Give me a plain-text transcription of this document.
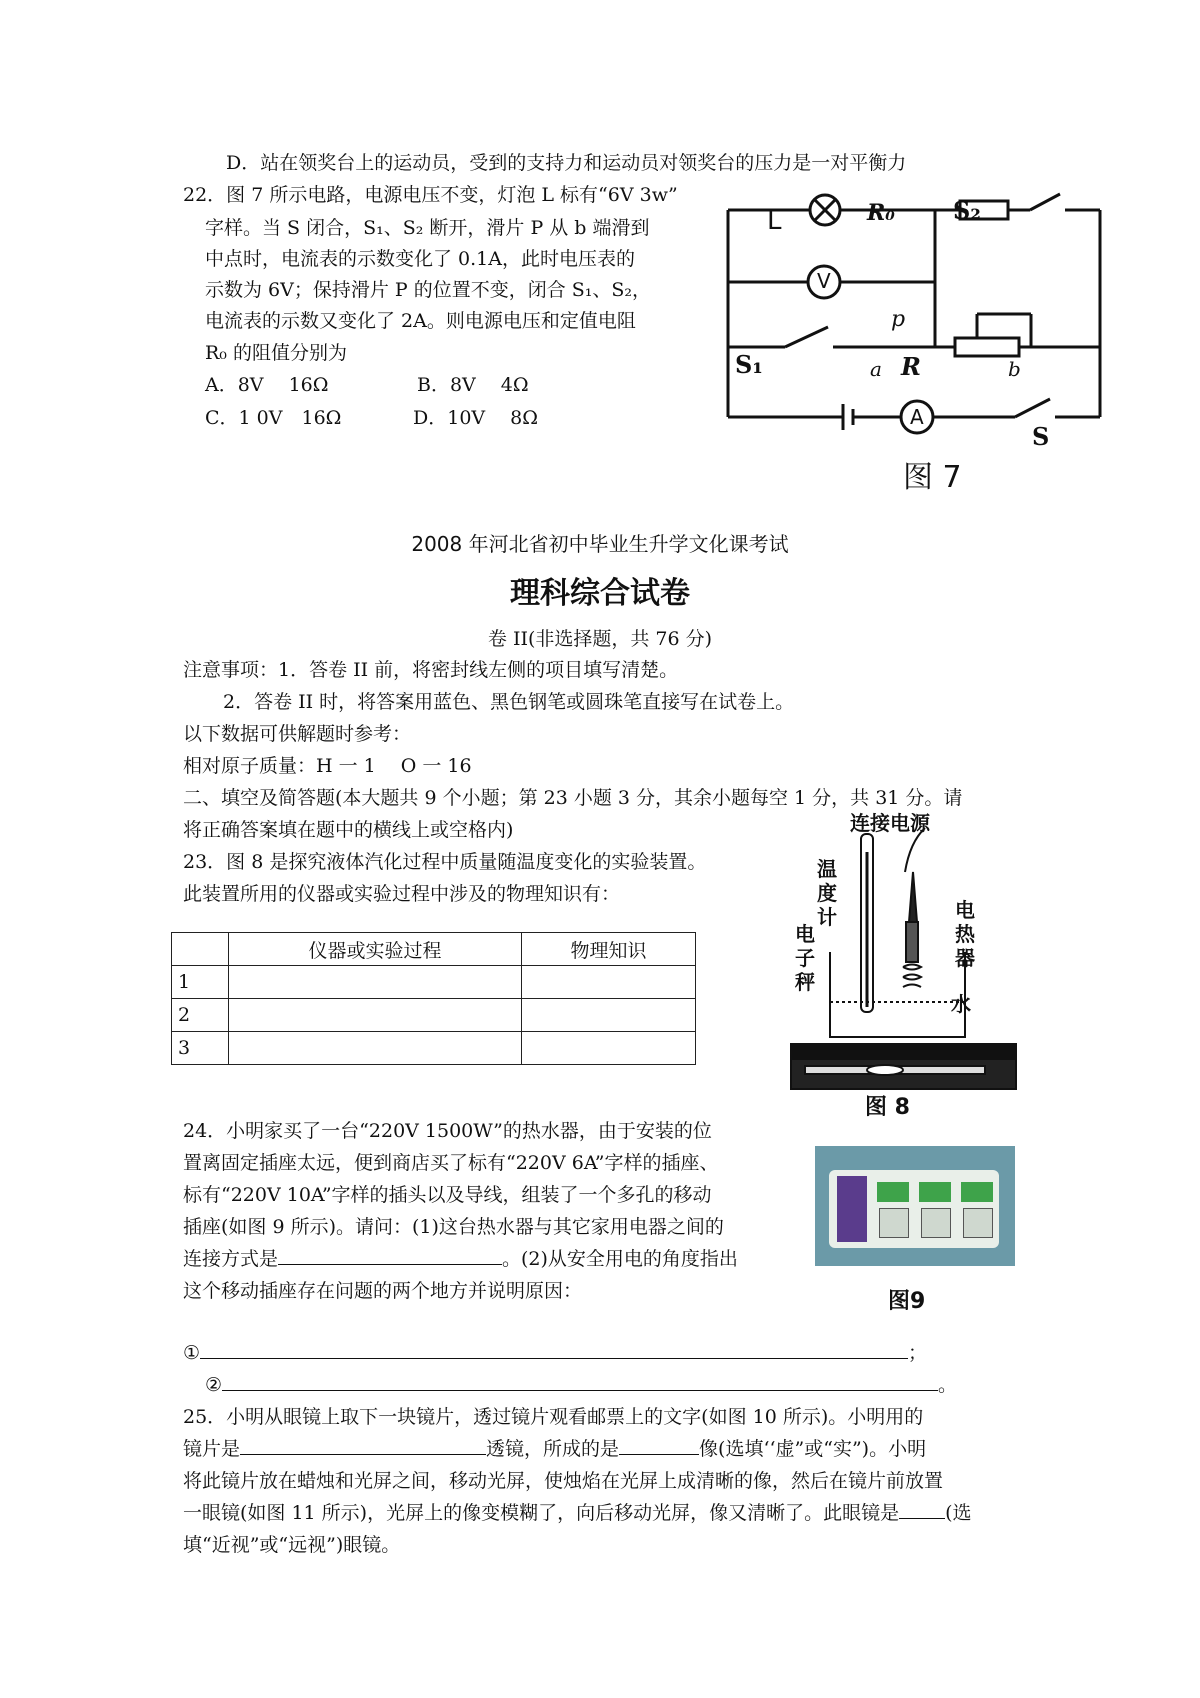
D．站在领奖台上的运动员，受到的支持力和运动员对领奖台的压力是一对平衡力
22．图 7 所示电路，电源电压不变，灯泡 L 标有“6V 3w”
字样。当 S 闭合，S₁、S₂ 断开，滑片 P 从 b 端滑到
中点时，电流表的示数变化了 0.1A，此时电压表的
示数为 6V；保持滑片 P 的位置不变，闭合 S₁、S₂，
电流表的示数又变化了 2A。则电源电压和定值电阻
R₀ 的阻值分别为
A．8V　 16Ω	B．8V　 4Ω
C．1 0V　16Ω	D．10V　 8Ω
L	R₀ S₂
V
p
S₁	a R	b
A
S
图 7
2008 年河北省初中毕业生升学文化课考试
理科综合试卷
卷 II(非选择题，共 76 分)
注意事项：1．答卷 II 前，将密封线左侧的项目填写清楚。
2．答卷 II 时，将答案用蓝色、黑色钢笔或圆珠笔直接写在试卷上。
以下数据可供解题时参考：
相对原子质量：H 一 1　 O 一 16
二、填空及简答题(本大题共 9 个小题；第 23 小题 3 分，其余小题每空 1 分，共 31 分。请
将正确答案填在题中的横线上或空格内)
23．图 8 是探究液体汽化过程中质量随温度变化的实验装置。
此装置所用的仪器或实验过程中涉及的物理知识有：
	仪器或实验过程	物理知识
1		
2		
3		
连接电源
温度计	电热器
电子秤
水
图 8
24．小明家买了一台“220V 1500W”的热水器，由于安装的位
置离固定插座太远，便到商店买了标有“220V 6A”字样的插座、
标有“220V 10A”字样的插头以及导线，组装了一个多孔的移动
插座(如图 9 所示)。请问：(1)这台热水器与其它家用电器之间的
连接方式是	。(2)从安全用电的角度指出
这个移动插座存在问题的两个地方并说明原因：	图9
①	；
②	。
25．小明从眼镜上取下一块镜片，透过镜片观看邮票上的文字(如图 10 所示)。小明用的
镜片是	透镜，所成的是	像(选填‘‘虚”或“实”)。小明
将此镜片放在蜡烛和光屏之间，移动光屏，使烛焰在光屏上成清晰的像，然后在镜片前放置
一眼镜(如图 11 所示)，光屏上的像变模糊了，向后移动光屏，像又清晰了。此眼镜是 (选
填“近视”或“远视”)眼镜。
